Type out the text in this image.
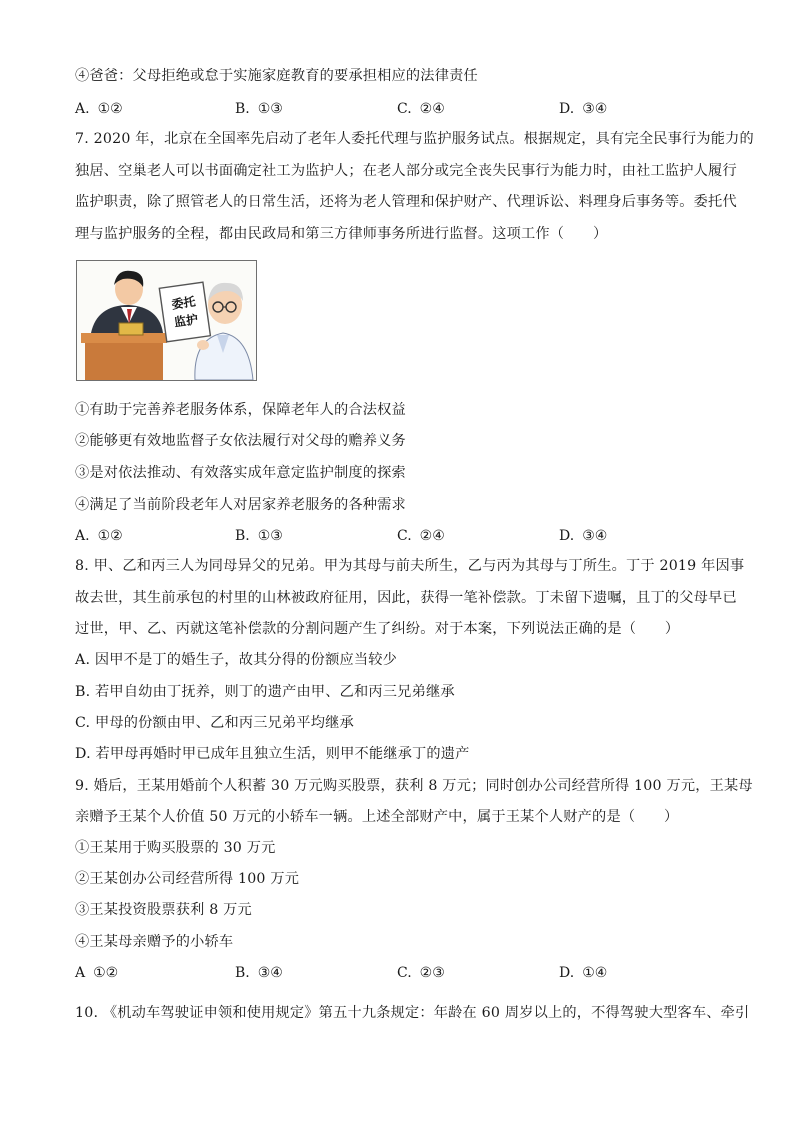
④爸爸：父母拒绝或怠于实施家庭教育的要承担相应的法律责任
A. ①②	B. ①③	C. ②④	D. ③④
7. 2020 年，北京在全国率先启动了老年人委托代理与监护服务试点。根据规定，具有完全民事行为能力的
独居、空巢老人可以书面确定社工为监护人；在老人部分或完全丧失民事行为能力时，由社工监护人履行
监护职责，除了照管老人的日常生活，还将为老人管理和保护财产、代理诉讼、料理身后事务等。委托代
理与监护服务的全程，都由民政局和第三方律师事务所进行监督。这项工作（　　）
委托
监护
①有助于完善养老服务体系，保障老年人的合法权益
②能够更有效地监督子女依法履行对父母的赡养义务
③是对依法推动、有效落实成年意定监护制度的探索
④满足了当前阶段老年人对居家养老服务的各种需求
A. ①②	B. ①③	C. ②④	D. ③④
8. 甲、乙和丙三人为同母异父的兄弟。甲为其母与前夫所生，乙与丙为其母与丁所生。丁于 2019 年因事
故去世，其生前承包的村里的山林被政府征用，因此，获得一笔补偿款。丁未留下遗嘱，且丁的父母早已
过世，甲、乙、丙就这笔补偿款的分割问题产生了纠纷。对于本案，下列说法正确的是（　　）
A. 因甲不是丁的婚生子，故其分得的份额应当较少
B. 若甲自幼由丁抚养，则丁的遗产由甲、乙和丙三兄弟继承
C. 甲母的份额由甲、乙和丙三兄弟平均继承
D. 若甲母再婚时甲已成年且独立生活，则甲不能继承丁的遗产
9. 婚后，王某用婚前个人积蓄 30 万元购买股票，获利 8 万元；同时创办公司经营所得 100 万元，王某母
亲赠予王某个人价值 50 万元的小轿车一辆。上述全部财产中，属于王某个人财产的是（　　）
①王某用于购买股票的 30 万元
②王某创办公司经营所得 100 万元
③王某投资股票获利 8 万元
④王某母亲赠予的小轿车
A ①②	B. ③④	C. ②③	D. ①④
10. 《机动车驾驶证申领和使用规定》第五十九条规定：年龄在 60 周岁以上的，不得驾驶大型客车、牵引
